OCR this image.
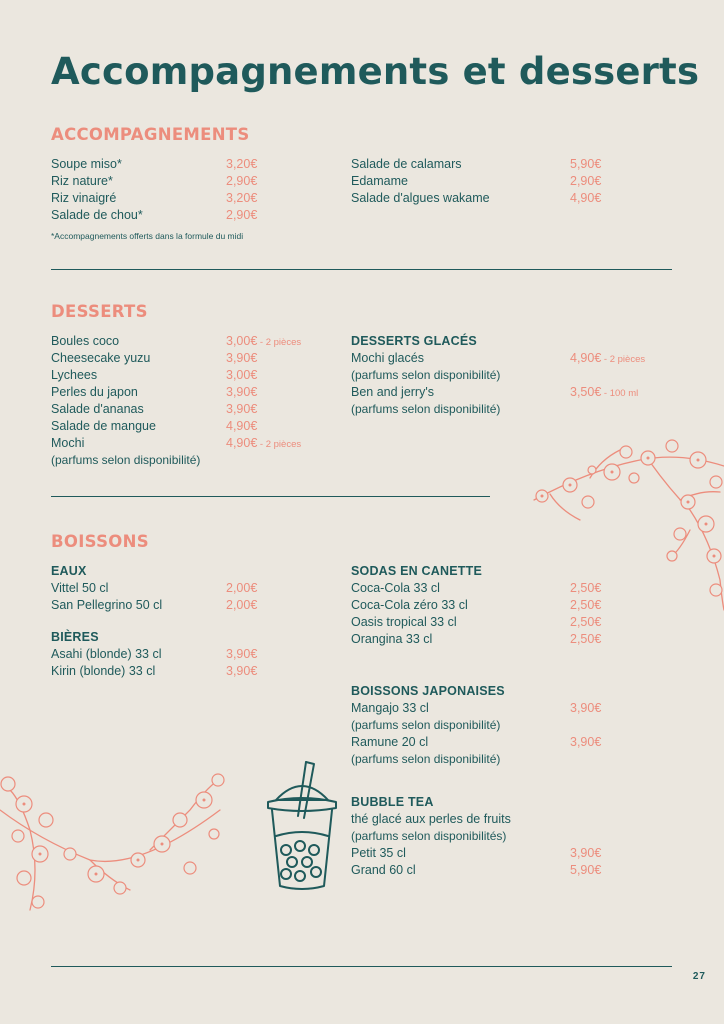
Accompagnements et desserts
ACCOMPAGNEMENTS
Soupe miso*	3,20€
Riz nature*	2,90€
Riz vinaigré	3,20€
Salade de chou*	2,90€
Salade de calamars	5,90€
Edamame	2,90€
Salade d'algues wakame	4,90€
*Accompagnements offerts dans la formule du midi
DESSERTS
Boules coco	3,00€ - 2 pièces
Cheesecake yuzu	3,90€
Lychees	3,00€
Perles du japon	3,90€
Salade d'ananas	3,90€
Salade de mangue	4,90€
Mochi	4,90€ - 2 pièces
(parfums selon disponibilité)
DESSERTS GLACÉS
Mochi glacés	4,90€ - 2 pièces
(parfums selon disponibilité)
Ben and jerry's	3,50€ - 100 ml
(parfums selon disponibilité)
BOISSONS
EAUX
Vittel 50 cl	2,00€
San Pellegrino 50 cl	2,00€
BIÈRES
Asahi (blonde) 33 cl	3,90€
Kirin (blonde) 33 cl	3,90€
SODAS EN CANETTE
Coca-Cola 33 cl	2,50€
Coca-Cola zéro 33 cl	2,50€
Oasis tropical 33 cl	2,50€
Orangina 33 cl	2,50€
BOISSONS JAPONAISES
Mangajo 33 cl	3,90€
(parfums selon disponibilité)
Ramune 20 cl	3,90€
(parfums selon disponibilité)
BUBBLE TEA
thé glacé aux perles de fruits
(parfums selon disponibilités)
Petit 35 cl	3,90€
Grand 60 cl	5,90€
27
